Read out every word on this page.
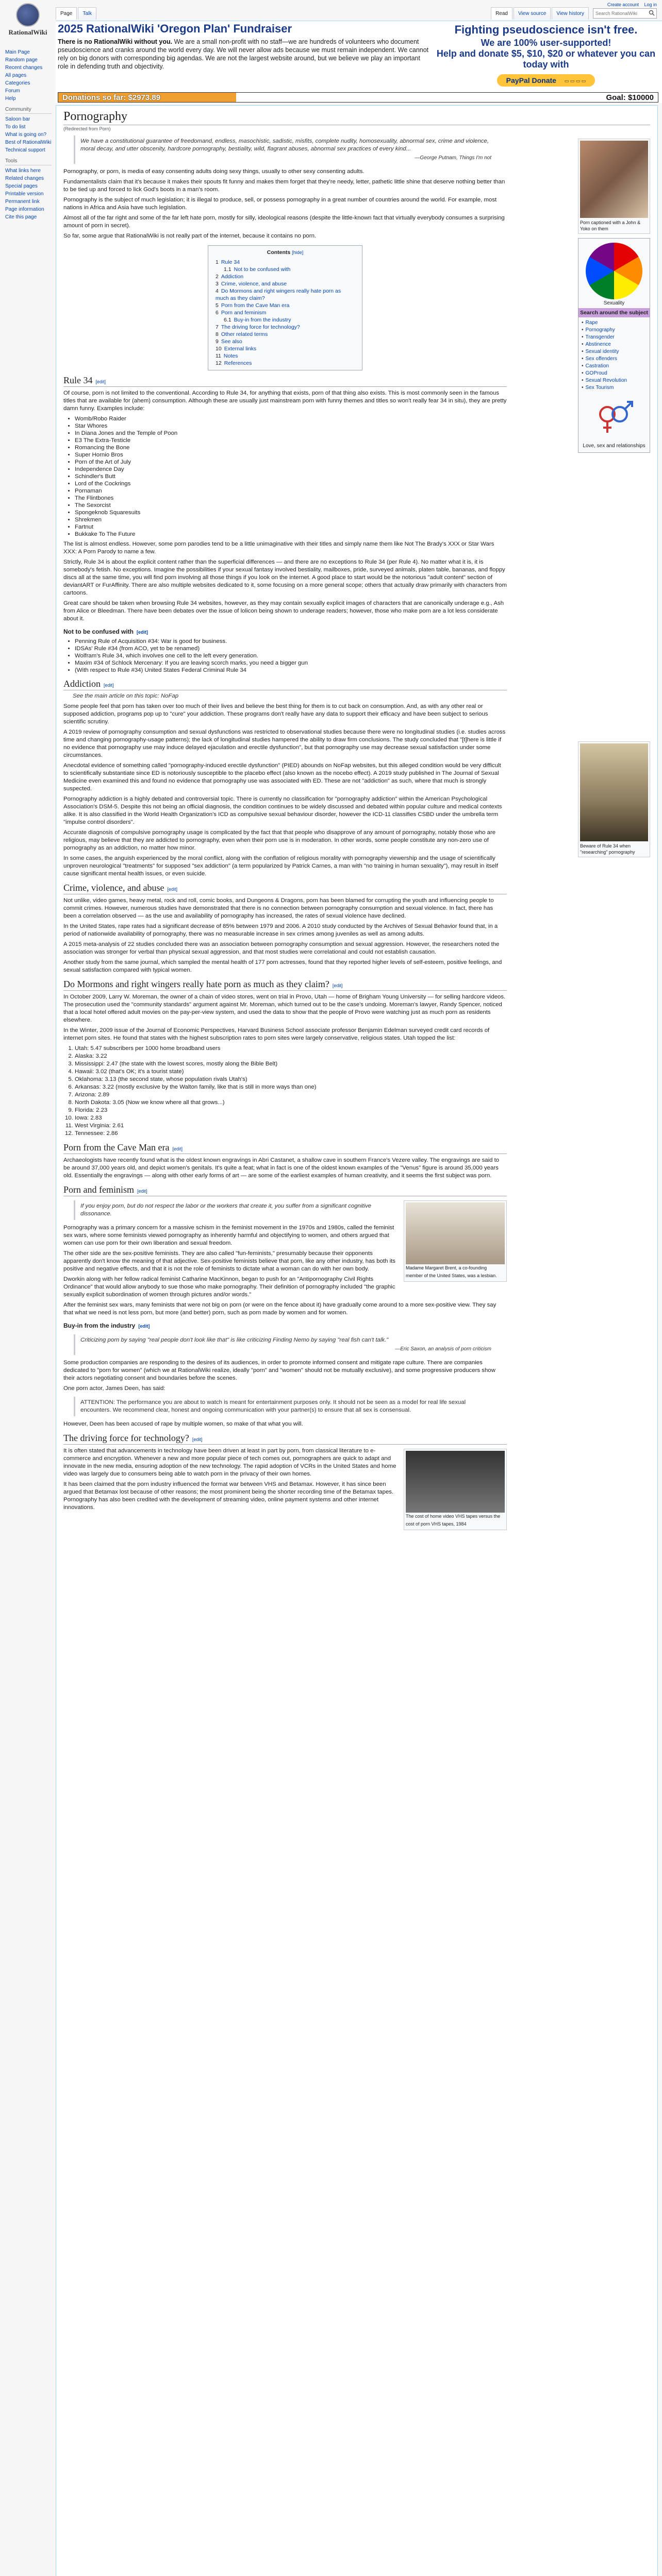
RationalWiki
Main Page
Random page
Recent changes
All pages
Categories
Forum
Help
Community
Saloon bar
To do list
What is going on?
Best of RationalWiki
Technical support
Tools
What links here
Related changes
Special pages
Printable version
Permanent link
Page information
Cite this page
Create account Log in
Page Talk	Read View source View history
Search RationalWiki
2025 RationalWiki 'Oregon Plan' Fundraiser
There is no RationalWiki without you. We are a small non-profit with no staff—we are hundreds of volunteers who document pseudoscience and cranks around the world every day. We will never allow ads because we must remain independent. We cannot rely on big donors with corresponding big agendas. We are not the largest website around, but we believe we play an important role in defending truth and objectivity.
Fighting pseudoscience isn't free.
We are 100% user-supported!
Help and donate $5, $10, $20 or whatever you can today with
PayPal Donate ▭ ▭ ▭ ▭
Donations so far: $2973.89	Goal: $10000
Pornography
(Redirected from Porn)
Porn captioned with a John & Yoko on them
Sexuality
Search around the subject
• Rape
• Pornography
• Transgender
• Abstinence
• Sexual identity
• Sex offenders
• Castration
• GOProud
• Sexual Revolution
• Sex Tourism
Love, sex and relationships
Beware of Rule 34 when "researching" pornography
We have a constitutional guarantee of freedomand, endless, masochistic, sadistic, misfits, complete nudity, homosexuality, abnormal sex, crime and violence, moral decay, and utter obscenity, hardcore pornography, bestiality, wild, flagrant abuses, abnormal sex practices of every kind...
—George Putnam, Things I'm not

Pornography, or porn, is media of easy consenting adults doing sexy things, usually to other sexy consenting adults.

Fundamentalists claim that it's because it makes their spouts fit funny and makes them forget that they're needy, letter, pathetic little shine that deserve nothing better than to be tied up and forced to lick God's boots in a man's room.

Pornography is the subject of much legislation; it is illegal to produce, sell, or possess pornography in a great number of countries around the world. For example, most nations in Africa and Asia have such legislation.

Almost all of the far right and some of the far left hate porn, mostly for silly, ideological reasons (despite the little-known fact that virtually everybody consumes a surprising amount of porn in secret).

So far, some argue that RationalWiki is not really part of the internet, because it contains no porn.

Contents [hide]
1 Rule 34
1.1 Not to be confused with
2 Addiction
3 Crime, violence, and abuse
4 Do Mormons and right wingers really hate porn as much as they claim?
5 Porn from the Cave Man era
6 Porn and feminism
6.1 Buy-in from the industry
7 The driving force for technology?
8 Other related terms
9 See also
10 External links
11 Notes
12 References
Rule 34 [edit]

Of course, porn is not limited to the conventional. According to Rule 34, for anything that exists, porn of that thing also exists. This is most commonly seen in the famous titles that are available for (ahem) consumption. Although these are usually just mainstream porn with funny themes and titles so won't really fear 34 in situ), they are pretty damn funny. Examples include:

• Womb/Robo Raider
• Star Whores
• In Diana Jones and the Temple of Poon
• E3 The Extra-Testicle
• Romancing the Bone
• Super Hornio Bros
• Porn of the Art of July
• Independence Day
• Schindler's Butt
• Lord of the Cockrings
• Pornaman
• The Flintbones
• The Sexorcist
• Spongeknob Squaresuits
• Shrekmen
• Fartnut
• Bukkake To The Future

The list is almost endless. However, some porn parodies tend to be a little unimaginative with their titles and simply name them like Not The Brady's XXX or Star Wars XXX: A Porn Parody to name a few.

Strictly, Rule 34 is about the explicit content rather than the superficial differences — and there are no exceptions to Rule 34 (per Rule 4). No matter what it is, it is somebody's fetish. No exceptions. Imagine the possibilities if your sexual fantasy involved bestiality, mailboxes, pride, surveyed animals, platen table, bananas, and floppy discs all at the same time, you will find porn involving all those things if you look on the internet. A good place to start would be the notorious "adult content" section of deviantART or FurAffinity. There are also multiple websites dedicated to it, some focusing on a more general scope; others that actually draw primarily with characters from cartoons.

Great care should be taken when browsing Rule 34 websites, however, as they may contain sexually explicit images of characters that are canonically underage e.g., Ash from Alice or Bleedman. There have been debates over the issue of lolicon being shown to underage readers; however, those who make porn are a lot less considerate about it.

Not to be confused with [edit]
• Penning Rule of Acquisition #34: War is good for business.
• IDSAs' Rule #34 (from ACO, yet to be renamed)
• Wolfram's Rule 34, which involves one cell to the left every generation.
• Maxim #34 of Schlock Mercenary: If you are leaving scorch marks, you need a bigger gun
• (With respect to Rule #34) United States Federal Criminal Rule 34
Addiction [edit]
See the main article on this topic: NoFap

Some people feel that porn has taken over too much of their lives and believe the best thing for them is to cut back on consumption. And, as with any other real or supposed addiction, programs pop up to "cure" your addiction. These programs don't really have any data to support their efficacy and have been subject to serious scientific scrutiny.

A 2019 review of pornography consumption and sexual dysfunctions was restricted to observational studies because there were no longitudinal studies (i.e. studies across time and changing pornography-usage patterns); the lack of longitudinal studies hampered the ability to draw firm conclusions. The study concluded that "[t]here is little if no evidence that pornography use may induce delayed ejaculation and erectile dysfunction", but that pornography use may decrease sexual satisfaction under some circumstances.

Anecdotal evidence of something called "pornography-induced erectile dysfunction" (PIED) abounds on NoFap websites, but this alleged condition would be very difficult to scientifically substantiate since ED is notoriously susceptible to the placebo effect (also known as the nocebo effect). A 2019 study published in The Journal of Sexual Medicine even examined this and found no evidence that pornography use was associated with ED. These are not "addiction" as such, where that much is strongly suspected.

Pornography addiction is a highly debated and controversial topic. There is currently no classification for "pornography addiction" within the American Psychological Association's DSM-5. Despite this not being an official diagnosis, the condition continues to be widely discussed and debated within popular culture and medical contexts alike. It is also classified in the World Health Organization's ICD as compulsive sexual behaviour disorder, however the ICD-11 classifies CSBD under the umbrella term "impulse control disorders".

Accurate diagnosis of compulsive pornography usage is complicated by the fact that that people who disapprove of any amount of pornography, notably those who are religious, may believe that they are addicted to pornography, even when their porn use is in moderation. In other words, some people constitute any non-zero use of pornography as an addiction, no matter how minor.

In some cases, the anguish experienced by the moral conflict, along with the conflation of religious morality with pornography viewership and the usage of scientifically unproven neurological "treatments" for supposed "sex addiction" (a term popularized by Patrick Carnes, a man with "no training in human sexuality"), may result in itself cause significant mental health issues, or even suicide.

Crime, violence, and abuse [edit]

Not unlike, video games, heavy metal, rock and roll, comic books, and Dungeons & Dragons, porn has been blamed for corrupting the youth and influencing people to commit crimes. However, numerous studies have demonstrated that there is no connection between pornography consumption and sexual violence. In fact, there has been a correlation observed — as the use and availability of pornography has increased, the rates of sexual violence have declined.

In the United States, rape rates had a significant decrease of 85% between 1979 and 2006. A 2010 study conducted by the Archives of Sexual Behavior found that, in a period of nationwide availability of pornography, there was no measurable increase in sex crimes among juveniles as well as among adults.

A 2015 meta-analysis of 22 studies concluded there was an association between pornography consumption and sexual aggression. However, the researchers noted the association was stronger for verbal than physical sexual aggression, and that most studies were correlational and could not establish causation.

Another study from the same journal, which sampled the mental health of 177 porn actresses, found that they reported higher levels of self-esteem, positive feelings, and sexual satisfaction compared with typical women.

Do Mormons and right wingers really hate porn as much as they claim? [edit]

In October 2009, Larry W. Moreman, the owner of a chain of video stores, went on trial in Provo, Utah — home of Brigham Young University — for selling hardcore videos. The prosecution used the "community standards" argument against Mr. Moreman, which turned out to be the case's undoing. Moreman's lawyer, Randy Spencer, noticed that a local hotel offered adult movies on the pay-per-view system, and used the data to show that the people of Provo were watching just as much porn as residents elsewhere.

In the Winter, 2009 issue of the Journal of Economic Perspectives, Harvard Business School associate professor Benjamin Edelman surveyed credit card records of internet porn sites. He found that states with the highest subscription rates to porn sites were largely conservative, religious states. Utah topped the list:

1. Utah: 5.47 subscribers per 1000 home broadband users
2. Alaska: 3.22
3. Mississippi: 2.47 (the state with the lowest scores, mostly along the Bible Belt)
4. Hawaii: 3.02 (that's OK; it's a tourist state)
5. Oklahoma: 3.13 (the second state, whose population rivals Utah's)
6. Arkansas: 3.22 (mostly exclusive by the Walton family, like that is still in more ways than one)
7. Arizona: 2.89
8. North Dakota: 3.05 (Now we know where all that grows...)
9. Florida: 2.23
10. Iowa: 2.83
11. West Virginia: 2.61
12. Tennessee: 2.86
Porn from the Cave Man era [edit]

Archaeologists have recently found what is the oldest known engravings in Abri Castanet, a shallow cave in southern France's Vezere valley. The engravings are said to be around 37,000 years old, and depict women's genitals. It's quite a feat; what in fact is one of the oldest known examples of the "Venus" figure is around 35,000 years old. Essentially the engravings — along with other early forms of art — are some of the earliest examples of human creativity, and it seems the first subject was porn.

Porn and feminism [edit]
Madame Margaret Brent, a co-founding member of the United States, was a lesbian.
If you enjoy porn, but do not respect the labor or the workers that create it, you suffer from a significant cognitive dissonance.

Pornography was a primary concern for a massive schism in the feminist movement in the 1970s and 1980s, called the feminist sex wars, where some feminists viewed pornography as inherently harmful and objectifying to women, and others argued that women can use porn for their own liberation and sexual freedom.

The other side are the sex-positive feminists. They are also called "fun-feminists," presumably because their opponents apparently don't know the meaning of that adjective. Sex-positive feminists believe that porn, like any other industry, has both its positive and negative effects, and that it is not the role of feminists to dictate what a woman can do with her own body.

Dworkin along with her fellow radical feminist Catharine MacKinnon, began to push for an "Antipornography Civil Rights Ordinance" that would allow anybody to sue those who make pornography. Their definition of pornography included "the graphic sexually explicit subordination of women through pictures and/or words."

After the feminist sex wars, many feminists that were not big on porn (or were on the fence about it) have gradually come around to a more sex-positive view. They say that what we need is not less porn, but more (and better) porn, such as porn made by women and for women.

Buy-in from the industry [edit]
Criticizing porn by saying "real people don't look like that" is like criticizing Finding Nemo by saying "real fish can't talk."
—Eric Saxon, an analysis of porn criticism

Some production companies are responding to the desires of its audiences, in order to promote informed consent and mitigate rape culture. There are companies dedicated to "porn for women" (which we at RationalWiki realize, ideally "porn" and "women" should not be mutually exclusive), and some progressive producers show their actors negotiating consent and boundaries before the scenes.

One porn actor, James Deen, has said:

ATTENTION: The performance you are about to watch is meant for entertainment purposes only. It should not be seen as a model for real life sexual encounters. We recommend clear, honest and ongoing communication with your partner(s) to ensure that all sex is consensual.

However, Deen has been accused of rape by multiple women, so make of that what you will.

The driving force for technology? [edit]
The cost of home video VHS tapes versus the cost of porn VHS tapes, 1984

It is often stated that advancements in technology have been driven at least in part by porn, from classical literature to e-commerce and encryption. Whenever a new and more popular piece of tech comes out, pornographers are quick to adapt and innovate in the new media, ensuring adoption of the new technology. The rapid adoption of VCRs in the United States and home video was largely due to consumers being able to watch porn in the privacy of their own homes.

It has been claimed that the porn industry influenced the format war between VHS and Betamax. However, it has since been argued that Betamax lost because of other reasons; the most prominent being the shorter recording time of the Betamax tapes. Pornography has also been credited with the development of streaming video, online payment systems and other internet innovations.
